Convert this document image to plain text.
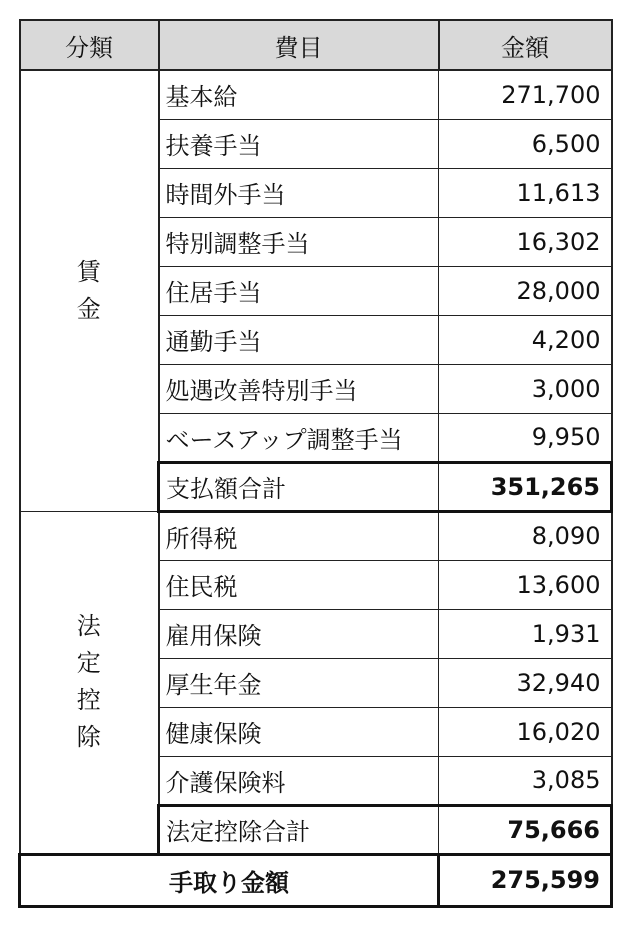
分類	費目	金額
賃金	基本給	271,700
	扶養手当	6,500
	時間外手当	11,613
	特別調整手当	16,302
	住居手当	28,000
	通勤手当	4,200
	処遇改善特別手当	3,000
	ベースアップ調整手当	9,950
	支払額合計	351,265
法定控除	所得税	8,090
	住民税	13,600
	雇用保険	1,931
	厚生年金	32,940
	健康保険	16,020
	介護保険料	3,085
	法定控除合計	75,666
手取り金額		275,599
